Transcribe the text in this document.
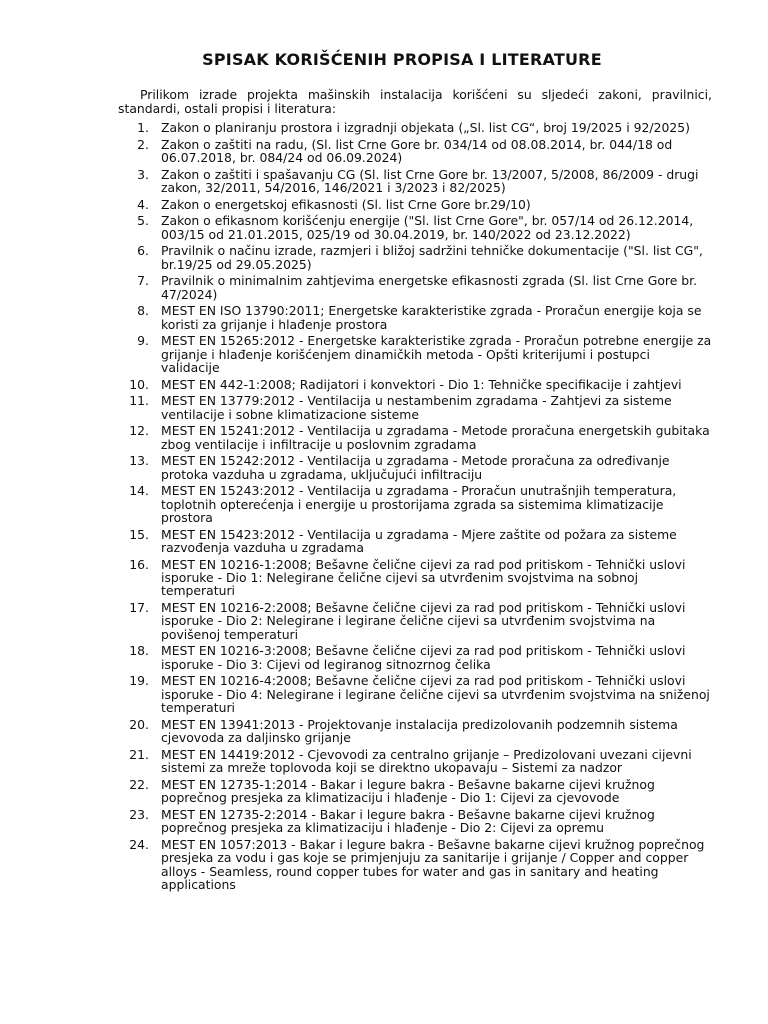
SPISAK KORIŠĆENIH PROPISA I LITERATURE

Prilikom izrade projekta mašinskih instalacija korišćeni su sljedeći zakoni, pravilnici, standardi, ostali propisi i literatura:

1. Zakon o planiranju prostora i izgradnji objekata („Sl. list CG“, broj 19/2025 i 92/2025)
2. Zakon o zaštiti na radu, (Sl. list Crne Gore br. 034/14 od 08.08.2014, br. 044/18 od 06.07.2018, br. 084/24 od 06.09.2024)
3. Zakon o zaštiti i spašavanju CG (Sl. list Crne Gore br. 13/2007, 5/2008, 86/2009 - drugi zakon, 32/2011, 54/2016, 146/2021 i 3/2023 i 82/2025)
4. Zakon o energetskoj efikasnosti (Sl. list Crne Gore br.29/10)
5. Zakon o efikasnom korišćenju energije ("Sl. list Crne Gore", br. 057/14 od 26.12.2014, 003/15 od 21.01.2015, 025/19 od 30.04.2019, br. 140/2022 od 23.12.2022)
6. Pravilnik o načinu izrade, razmjeri i bližoj sadržini tehničke dokumentacije ("Sl. list CG", br.19/25 od 29.05.2025)
7. Pravilnik o minimalnim zahtjevima energetske efikasnosti zgrada (Sl. list Crne Gore br. 47/2024)
8. MEST EN ISO 13790:2011; Energetske karakteristike zgrada - Proračun energije koja se koristi za grijanje i hlađenje prostora
9. MEST EN 15265:2012 - Energetske karakteristike zgrada - Proračun potrebne energije za grijanje i hlađenje korišćenjem dinamičkih metoda - Opšti kriterijumi i postupci validacije
10. MEST EN 442-1:2008; Radijatori i konvektori - Dio 1: Tehničke specifikacije i zahtjevi
11. MEST EN 13779:2012 - Ventilacija u nestambenim zgradama - Zahtjevi za sisteme ventilacije i sobne klimatizacione sisteme
12. MEST EN 15241:2012 - Ventilacija u zgradama - Metode proračuna energetskih gubitaka zbog ventilacije i infiltracije u poslovnim zgradama
13. MEST EN 15242:2012 - Ventilacija u zgradama - Metode proračuna za određivanje protoka vazduha u zgradama, uključujući infiltraciju
14. MEST EN 15243:2012 - Ventilacija u zgradama - Proračun unutrašnjih temperatura, toplotnih opterećenja i energije u prostorijama zgrada sa sistemima klimatizacije prostora
15. MEST EN 15423:2012 - Ventilacija u zgradama - Mjere zaštite od požara za sisteme razvođenja vazduha u zgradama
16. MEST EN 10216-1:2008; Bešavne čelične cijevi za rad pod pritiskom - Tehnički uslovi isporuke - Dio 1: Nelegirane čelične cijevi sa utvrđenim svojstvima na sobnoj temperaturi
17. MEST EN 10216-2:2008; Bešavne čelične cijevi za rad pod pritiskom - Tehnički uslovi isporuke - Dio 2: Nelegirane i legirane čelične cijevi sa utvrđenim svojstvima na povišenoj temperaturi
18. MEST EN 10216-3:2008; Bešavne čelične cijevi za rad pod pritiskom - Tehnički uslovi isporuke - Dio 3: Cijevi od legiranog sitnozrnog čelika
19. MEST EN 10216-4:2008; Bešavne čelične cijevi za rad pod pritiskom - Tehnički uslovi isporuke - Dio 4: Nelegirane i legirane čelične cijevi sa utvrđenim svojstvima na sniženoj temperaturi
20. MEST EN 13941:2013 - Projektovanje instalacija predizolovanih podzemnih sistema cjevovoda za daljinsko grijanje
21. MEST EN 14419:2012 - Cjevovodi za centralno grijanje – Predizolovani uvezani cijevni sistemi za mreže toplovoda koji se direktno ukopavaju – Sistemi za nadzor
22. MEST EN 12735-1:2014 - Bakar i legure bakra - Bešavne bakarne cijevi kružnog poprečnog presjeka za klimatizaciju i hlađenje - Dio 1: Cijevi za cjevovode
23. MEST EN 12735-2:2014 - Bakar i legure bakra - Bešavne bakarne cijevi kružnog poprečnog presjeka za klimatizaciju i hlađenje - Dio 2: Cijevi za opremu
24. MEST EN 1057:2013 - Bakar i legure bakra - Bešavne bakarne cijevi kružnog poprečnog presjeka za vodu i gas koje se primjenjuju za sanitarije i grijanje / Copper and copper alloys - Seamless, round copper tubes for water and gas in sanitary and heating applications
